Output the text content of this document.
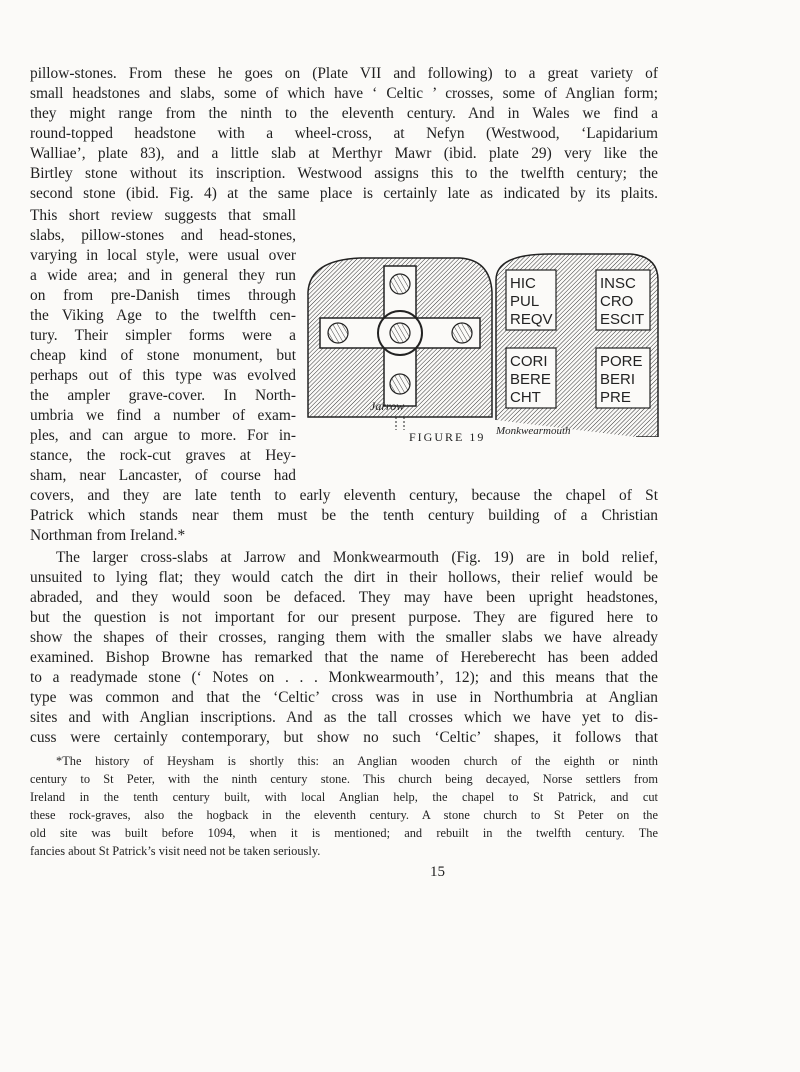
pillow-stones. From these he goes on (Plate VII and following) to a great variety of
small headstones and slabs, some of which have ‘ Celtic ’ crosses, some of Anglian form;
they might range from the ninth to the eleventh century. And in Wales we find a
round-topped headstone with a wheel-cross, at Nefyn (Westwood, ‘Lapidarium
Walliae’, plate 83), and a little slab at Merthyr Mawr (ibid. plate 29) very like the
Birtley stone without its inscription. Westwood assigns this to the twelfth century; the
second stone (ibid. Fig. 4) at the same place is certainly late as indicated by its plaits.
This short review suggests that small
slabs, pillow-stones and head-stones,
varying in local style, were usual over
a wide area; and in general they run
on from pre-Danish times through
the Viking Age to the twelfth cen-
tury. Their simpler forms were a
cheap kind of stone monument, but
perhaps out of this type was evolved
the ampler grave-cover. In North-
umbria we find a number of exam-
ples, and can argue to more. For in-
stance, the rock-cut graves at Hey-
sham, near Lancaster, of course had
HIC
PUL
REQV
INSC
CRO
ESCIT
CORI
BERE
CHT
PORE
BERI
PRE
Jarrow
Monkwearmouth
FIGURE 19
covers, and they are late tenth to early eleventh century, because the chapel of St
Patrick which stands near them must be the tenth century building of a Christian
Northman from Ireland.*
The larger cross-slabs at Jarrow and Monkwearmouth (Fig. 19) are in bold relief,
unsuited to lying flat; they would catch the dirt in their hollows, their relief would be
abraded, and they would soon be defaced. They may have been upright headstones,
but the question is not important for our present purpose. They are figured here to
show the shapes of their crosses, ranging them with the smaller slabs we have already
examined. Bishop Browne has remarked that the name of Hereberecht has been added
to a readymade stone (‘ Notes on . . . Monkwearmouth’, 12); and this means that the
type was common and that the ‘Celtic’ cross was in use in Northumbria at Anglian
sites and with Anglian inscriptions. And as the tall crosses which we have yet to dis-
cuss were certainly contemporary, but show no such ‘Celtic’ shapes, it follows that
*The history of Heysham is shortly this: an Anglian wooden church of the eighth or ninth
century to St Peter, with the ninth century stone. This church being decayed, Norse settlers from
Ireland in the tenth century built, with local Anglian help, the chapel to St Patrick, and cut
these rock-graves, also the hogback in the eleventh century. A stone church to St Peter on the
old site was built before 1094, when it is mentioned; and rebuilt in the twelfth century. The
fancies about St Patrick’s visit need not be taken seriously.
15
